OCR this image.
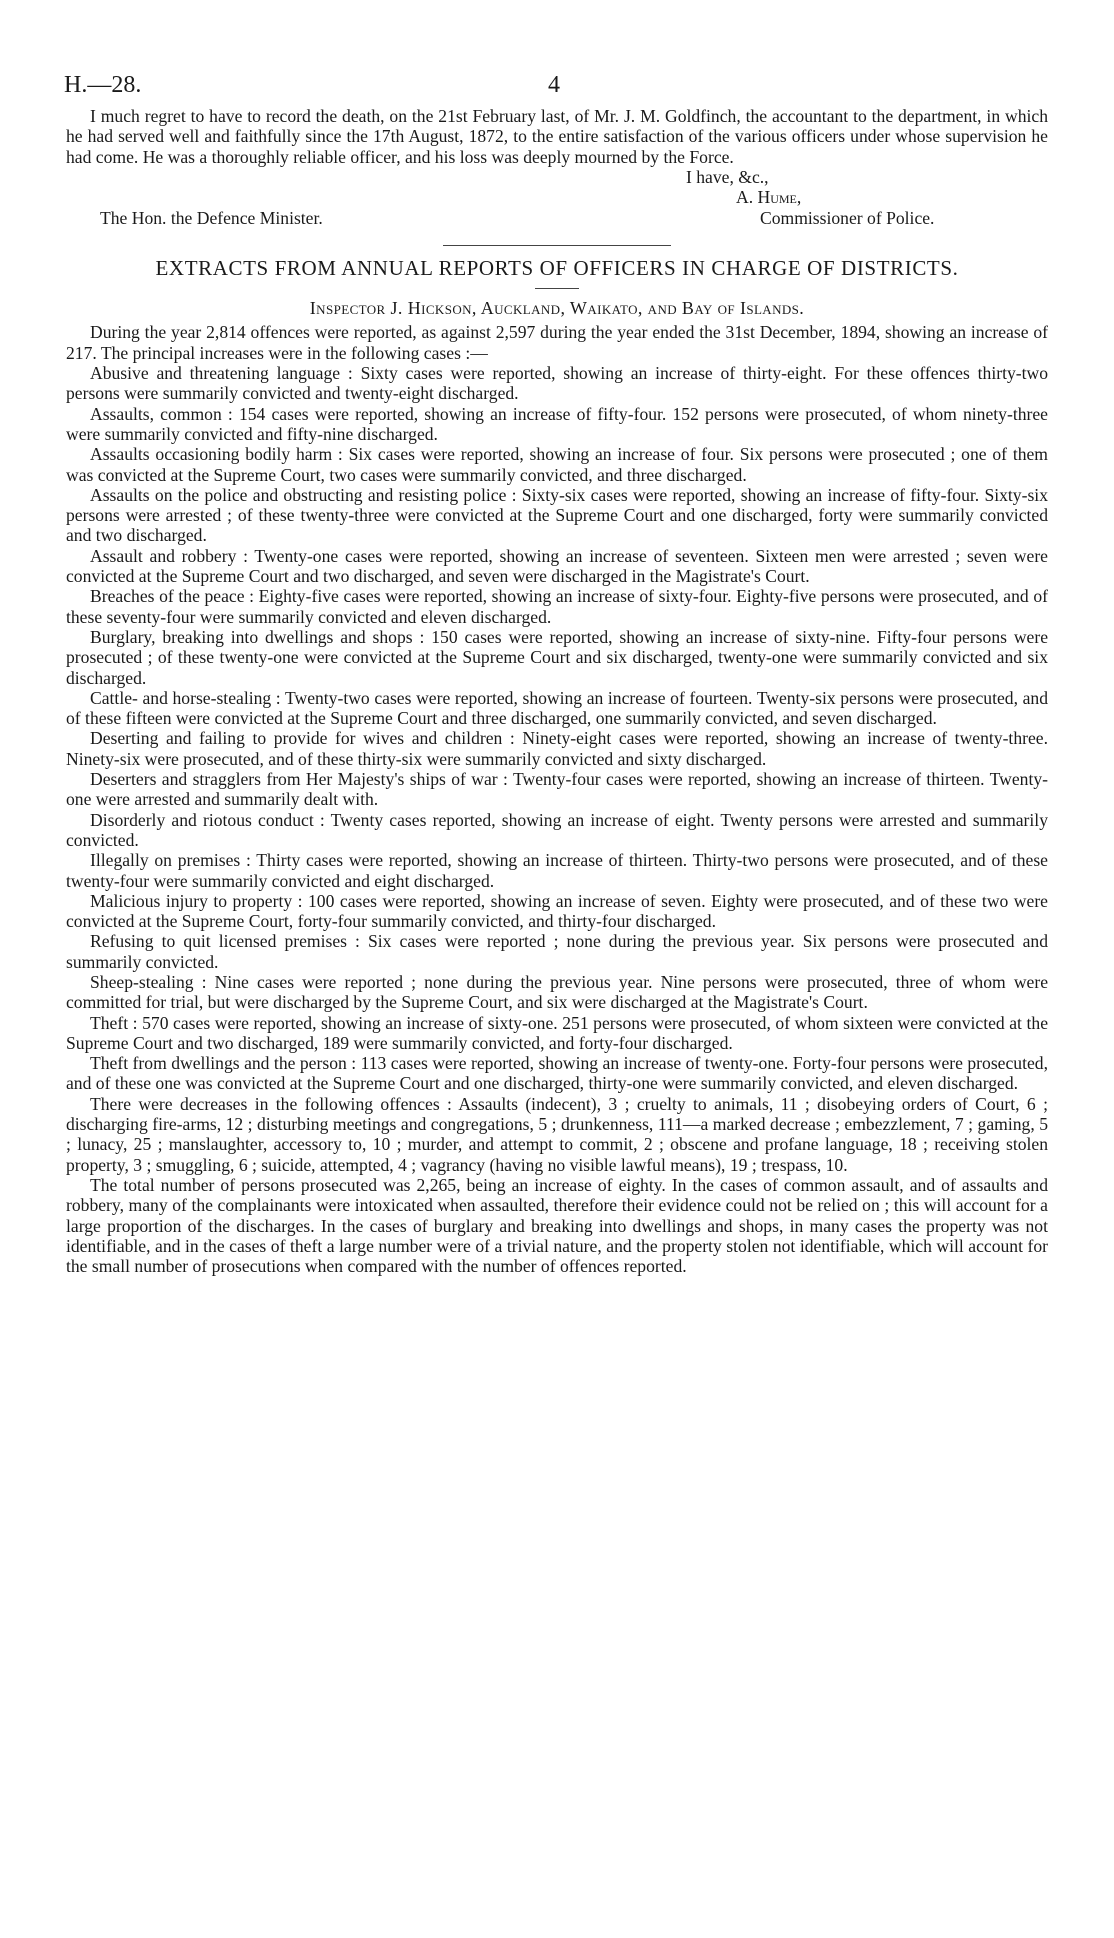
H.—28.	4

I much regret to have to record the death, on the 21st February last, of Mr. J. M. Goldfinch, the accountant to the department, in which he had served well and faithfully since the 17th August, 1872, to the entire satisfaction of the various officers under whose supervision he had come. He was a thoroughly reliable officer, and his loss was deeply mourned by the Force.

I have, &c.,
A. Hume,
The Hon. the Defence Minister.	Commissioner of Police.
EXTRACTS FROM ANNUAL REPORTS OF OFFICERS IN CHARGE OF DISTRICTS.
Inspector J. Hickson, Auckland, Waikato, and Bay of Islands.

During the year 2,814 offences were reported, as against 2,597 during the year ended the 31st December, 1894, showing an increase of 217. The principal increases were in the following cases :—

Abusive and threatening language : Sixty cases were reported, showing an increase of thirty-eight. For these offences thirty-two persons were summarily convicted and twenty-eight discharged.

Assaults, common : 154 cases were reported, showing an increase of fifty-four. 152 persons were prosecuted, of whom ninety-three were summarily convicted and fifty-nine discharged.

Assaults occasioning bodily harm : Six cases were reported, showing an increase of four. Six persons were prosecuted ; one of them was convicted at the Supreme Court, two cases were summarily convicted, and three discharged.

Assaults on the police and obstructing and resisting police : Sixty-six cases were reported, showing an increase of fifty-four. Sixty-six persons were arrested ; of these twenty-three were convicted at the Supreme Court and one discharged, forty were summarily convicted and two discharged.

Assault and robbery : Twenty-one cases were reported, showing an increase of seventeen. Sixteen men were arrested ; seven were convicted at the Supreme Court and two discharged, and seven were discharged in the Magistrate's Court.

Breaches of the peace : Eighty-five cases were reported, showing an increase of sixty-four. Eighty-five persons were prosecuted, and of these seventy-four were summarily convicted and eleven discharged.

Burglary, breaking into dwellings and shops : 150 cases were reported, showing an increase of sixty-nine. Fifty-four persons were prosecuted ; of these twenty-one were convicted at the Supreme Court and six discharged, twenty-one were summarily convicted and six discharged.

Cattle- and horse-stealing : Twenty-two cases were reported, showing an increase of fourteen. Twenty-six persons were prosecuted, and of these fifteen were convicted at the Supreme Court and three discharged, one summarily convicted, and seven discharged.

Deserting and failing to provide for wives and children : Ninety-eight cases were reported, showing an increase of twenty-three. Ninety-six were prosecuted, and of these thirty-six were summarily convicted and sixty discharged.

Deserters and stragglers from Her Majesty's ships of war : Twenty-four cases were reported, showing an increase of thirteen. Twenty-one were arrested and summarily dealt with.

Disorderly and riotous conduct : Twenty cases reported, showing an increase of eight. Twenty persons were arrested and summarily convicted.

Illegally on premises : Thirty cases were reported, showing an increase of thirteen. Thirty-two persons were prosecuted, and of these twenty-four were summarily convicted and eight discharged.

Malicious injury to property : 100 cases were reported, showing an increase of seven. Eighty were prosecuted, and of these two were convicted at the Supreme Court, forty-four summarily convicted, and thirty-four discharged.

Refusing to quit licensed premises : Six cases were reported ; none during the previous year. Six persons were prosecuted and summarily convicted.

Sheep-stealing : Nine cases were reported ; none during the previous year. Nine persons were prosecuted, three of whom were committed for trial, but were discharged by the Supreme Court, and six were discharged at the Magistrate's Court.

Theft : 570 cases were reported, showing an increase of sixty-one. 251 persons were prosecuted, of whom sixteen were convicted at the Supreme Court and two discharged, 189 were summarily convicted, and forty-four discharged.

Theft from dwellings and the person : 113 cases were reported, showing an increase of twenty-one. Forty-four persons were prosecuted, and of these one was convicted at the Supreme Court and one discharged, thirty-one were summarily convicted, and eleven discharged.

There were decreases in the following offences : Assaults (indecent), 3 ; cruelty to animals, 11 ; disobeying orders of Court, 6 ; discharging fire-arms, 12 ; disturbing meetings and congregations, 5 ; drunkenness, 111—a marked decrease ; embezzlement, 7 ; gaming, 5 ; lunacy, 25 ; manslaughter, accessory to, 10 ; murder, and attempt to commit, 2 ; obscene and profane language, 18 ; receiving stolen property, 3 ; smuggling, 6 ; suicide, attempted, 4 ; vagrancy (having no visible lawful means), 19 ; trespass, 10.

The total number of persons prosecuted was 2,265, being an increase of eighty. In the cases of common assault, and of assaults and robbery, many of the complainants were intoxicated when assaulted, therefore their evidence could not be relied on ; this will account for a large proportion of the discharges. In the cases of burglary and breaking into dwellings and shops, in many cases the property was not identifiable, and in the cases of theft a large number were of a trivial nature, and the property stolen not identifiable, which will account for the small number of prosecutions when compared with the number of offences reported.
